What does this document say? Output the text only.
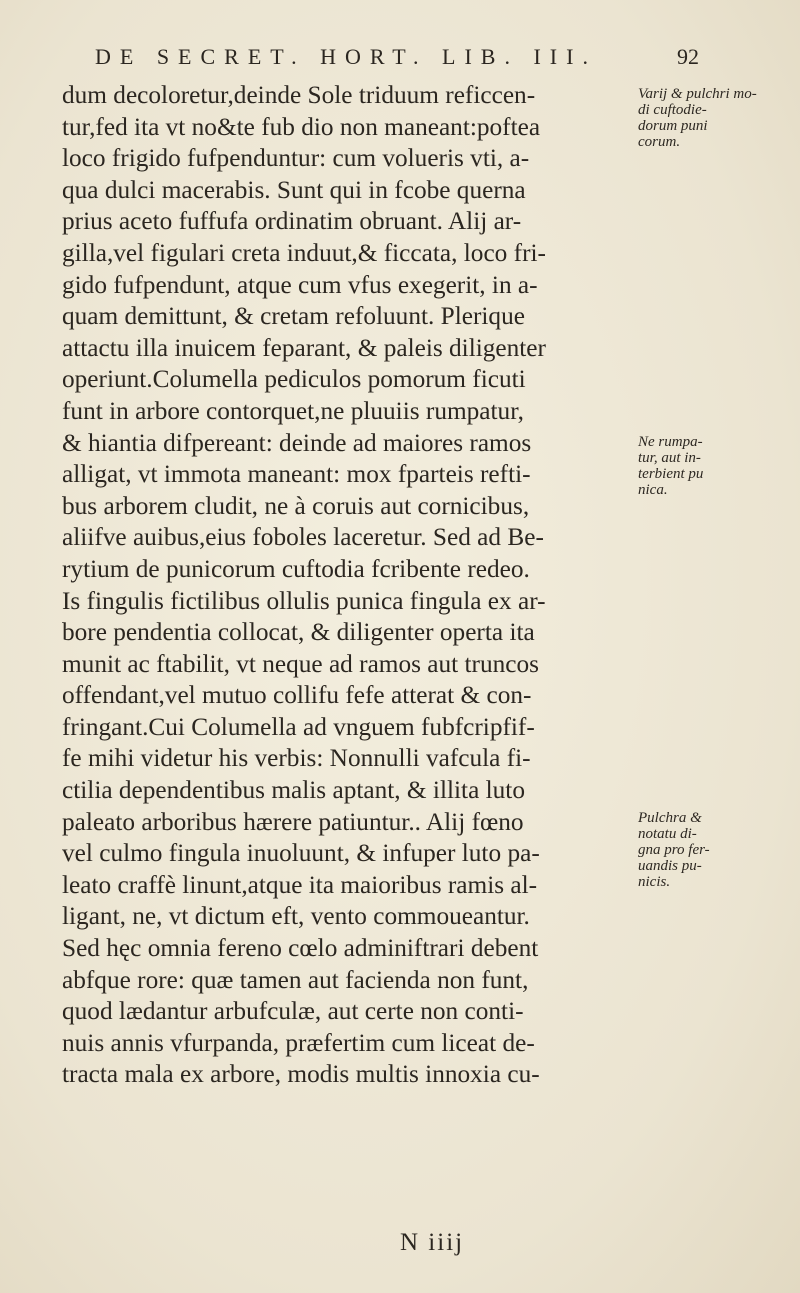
DE SECRET. HORT. LIB. III.	92
dum decoloretur,deinde Sole triduum reficcen-
tur,fed ita vt no&te fub dio non maneant:poftea
loco frigido fufpenduntur: cum volueris vti, a-
qua dulci macerabis. Sunt qui in fcobe quernа
prius aceto fuffufa ordinatim obruant. Alij ar-
gilla,vel figulari creta induut,& ficcata, loco fri-
gido fufpendunt, atque cum vfus exegerit, in a-
quam demittunt, & cretam refoluunt. Plerique
attactu illa inuicem feparant, & paleis diligenter
operiunt.Columella pediculos pomorum ficuti
funt in arbore contorquet,ne pluuiis rumpatur,
& hiantia difpereant: deinde ad maiores ramos
alligat, vt immota maneant: mox fparteis refti-
bus arborem cludit, ne à coruis aut cornicibus,
aliifve auibus,eius foboles laceretur. Sed ad Be-
rytium de punicorum cuftodia fcribente redeo.
Is fingulis fictilibus ollulis punica fingula ex ar-
bore pendentia collocat, & diligenter operta ita
munit ac ftabilit, vt neque ad ramos aut truncos
offendant,vel mutuo collifu fefe atterat & con-
fringant.Cui Columella ad vnguem fubfcripfif-
fe mihi videtur his verbis: Nonnulli vafcula fi-
ctilia dependentibus malis aptant, & illita luto
paleato arboribus hærere patiuntur.. Alij fœno
vel culmo fingula inuoluunt, & infuper luto pa-
leato craffè linunt,atque ita maioribus ramis al-
ligant, ne, vt dictum eft, vento commoueantur.
Sed hęc omnia fereno cœlo adminiftrari debent
abfque rore: quæ tamen aut facienda non funt,
quod lædantur arbufculæ, aut certe non conti-
nuis annis vfurpanda, præfertim cum liceat de-
tracta mala ex arbore, modis multis innoxia cu-
Varij & pulchri mo-
di cuftodie-
dorum puni
corum.
Ne rumpa-
tur, aut in-
terbient pu
nica.
Pulchra &
notatu di-
gna pro fer-
uandis pu-
nicis.
N iiij
